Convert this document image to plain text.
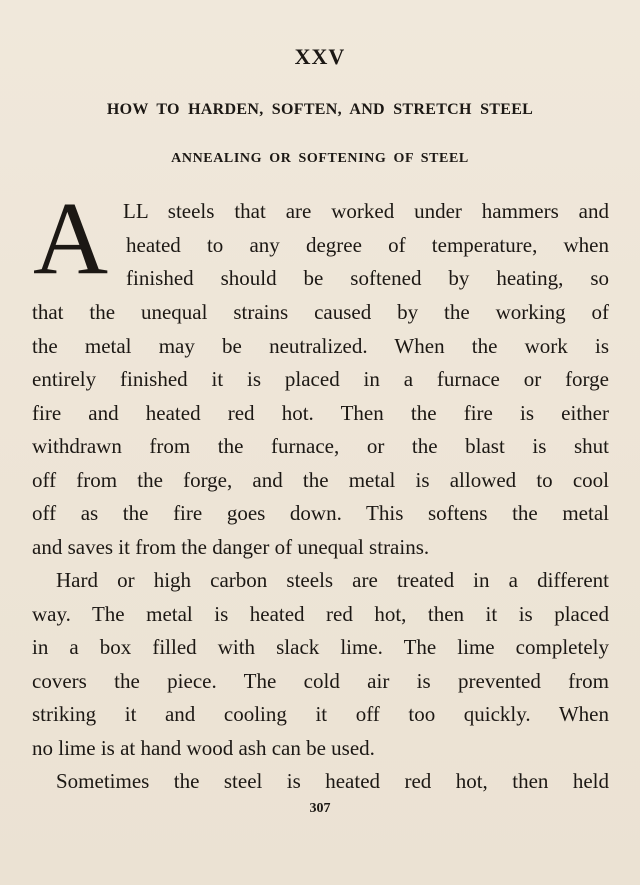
XXV
HOW TO HARDEN, SOFTEN, AND STRETCH STEEL
ANNEALING OR SOFTENING OF STEEL
A LL steels that are worked under hammers and
heated to any degree of temperature, when
finished should be softened by heating, so
that the unequal strains caused by the working of
the metal may be neutralized. When the work is
entirely finished it is placed in a furnace or forge
fire and heated red hot. Then the fire is either
withdrawn from the furnace, or the blast is shut
off from the forge, and the metal is allowed to cool
off as the fire goes down. This softens the metal
and saves it from the danger of unequal strains.
Hard or high carbon steels are treated in a different
way. The metal is heated red hot, then it is placed
in a box filled with slack lime. The lime completely
covers the piece. The cold air is prevented from
striking it and cooling it off too quickly. When
no lime is at hand wood ash can be used.
Sometimes the steel is heated red hot, then held
307
